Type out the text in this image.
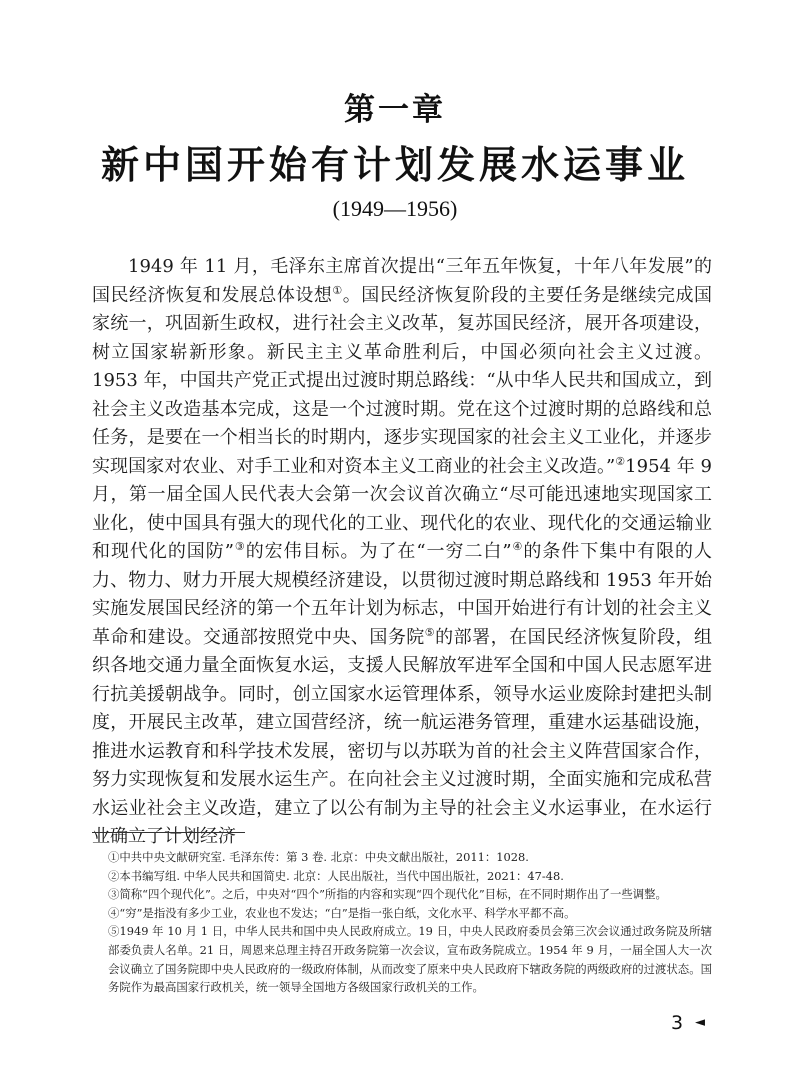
第一章
新中国开始有计划发展水运事业
(1949—1956)

1949 年 11 月，毛泽东主席首次提出“三年五年恢复，十年八年发展”的国民经济恢复和发展总体设想①。国民经济恢复阶段的主要任务是继续完成国家统一，巩固新生政权，进行社会主义改革，复苏国民经济，展开各项建设，树立国家崭新形象。新民主主义革命胜利后，中国必须向社会主义过渡。1953 年，中国共产党正式提出过渡时期总路线：“从中华人民共和国成立，到社会主义改造基本完成，这是一个过渡时期。党在这个过渡时期的总路线和总任务，是要在一个相当长的时期内，逐步实现国家的社会主义工业化，并逐步实现国家对农业、对手工业和对资本主义工商业的社会主义改造。”②1954 年 9 月，第一届全国人民代表大会第一次会议首次确立“尽可能迅速地实现国家工业化，使中国具有强大的现代化的工业、现代化的农业、现代化的交通运输业和现代化的国防”③的宏伟目标。为了在“一穷二白”④的条件下集中有限的人力、物力、财力开展大规模经济建设，以贯彻过渡时期总路线和 1953 年开始实施发展国民经济的第一个五年计划为标志，中国开始进行有计划的社会主义革命和建设。交通部按照党中央、国务院⑤的部署，在国民经济恢复阶段，组织各地交通力量全面恢复水运，支援人民解放军进军全国和中国人民志愿军进行抗美援朝战争。同时，创立国家水运管理体系，领导水运业废除封建把头制度，开展民主改革，建立国营经济，统一航运港务管理，重建水运基础设施，推进水运教育和科学技术发展，密切与以苏联为首的社会主义阵营国家合作，努力实现恢复和发展水运生产。在向社会主义过渡时期，全面实施和完成私营水运业社会主义改造，建立了以公有制为主导的社会主义水运事业，在水运行业确立了计划经济

①中共中央文献研究室. 毛泽东传：第 3 卷. 北京：中央文献出版社，2011：1028.

②本书编写组. 中华人民共和国简史. 北京：人民出版社，当代中国出版社，2021：47-48.

③简称“四个现代化”。之后，中央对“四个”所指的内容和实现“四个现代化”目标，在不同时期作出了一些调整。

④“穷”是指没有多少工业，农业也不发达；“白”是指一张白纸，文化水平、科学水平都不高。

⑤1949 年 10 月 1 日，中华人民共和国中央人民政府成立。19 日，中央人民政府委员会第三次会议通过政务院及所辖部委负责人名单。21 日，周恩来总理主持召开政务院第一次会议，宣布政务院成立。1954 年 9 月，一届全国人大一次会议确立了国务院即中央人民政府的一级政府体制，从而改变了原来中央人民政府下辖政务院的两级政府的过渡状态。国务院作为最高国家行政机关，统一领导全国地方各级国家行政机关的工作。

3 ◄
